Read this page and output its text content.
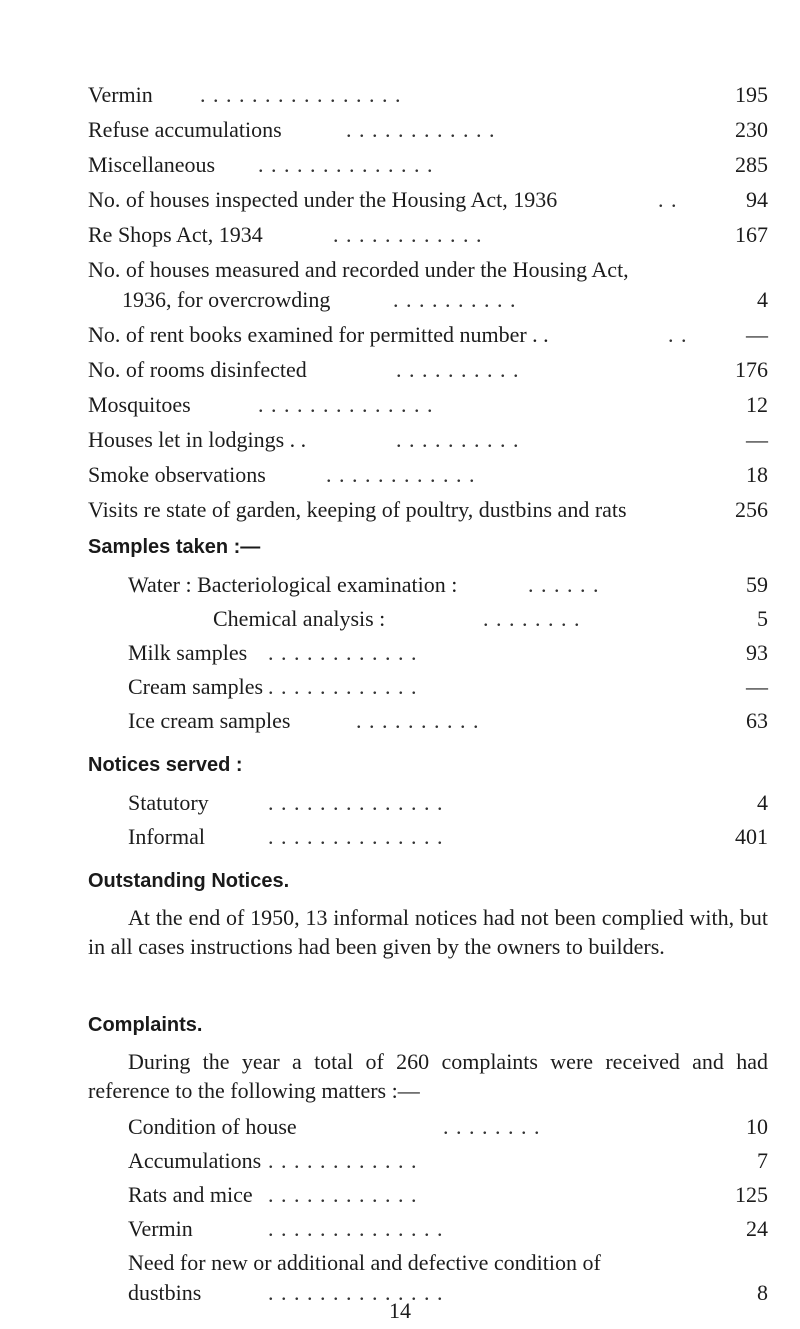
Vermin . . . . . . . . . . . . . . . .	195
Refuse accumulations	. . . . . . . . . . . .	230
Miscellaneous . . . . . . . . . . . . . .	285
No. of houses inspected under the Housing Act, 1936	. .	94
Re Shops Act, 1934	. . . . . . . . . . . .	167
No. of houses measured and recorded under the Housing Act,
1936, for overcrowding	. . . . . . . . . .	4
No. of rent books examined for permitted number . .	. .	—
No. of rooms disinfected	. . . . . . . . . .	176
Mosquitoes	. . . . . . . . . . . . . .	12
Houses let in lodgings . .	. . . . . . . . . .	—
Smoke observations	. . . . . . . . . . . .	18
Visits re state of garden, keeping of poultry, dustbins and rats	256
Samples taken :—
Water : Bacteriological examination :	. . . . . .	59
Chemical analysis :	. . . . . . . .	5
Milk samples . . . . . . . . . . . .	93
Cream samples . . . . . . . . . . . .	—
Ice cream samples	. . . . . . . . . .	63
Notices served :
Statutory	. . . . . . . . . . . . . .	4
Informal	. . . . . . . . . . . . . .	401
Outstanding Notices.
At the end of 1950, 13 informal notices had not been complied with, but in all cases instructions had been given by the owners to builders.
Complaints.
During the year a total of 260 complaints were received and had reference to the following matters :—
Condition of house	. . . . . . . .	10
Accumulations . . . . . . . . . . . .	7
Rats and mice . . . . . . . . . . . .	125
Vermin	. . . . . . . . . . . . . .	24
Need for new or additional and defective condition of
dustbins	. . . . . . . . . . . . . .	8
14
